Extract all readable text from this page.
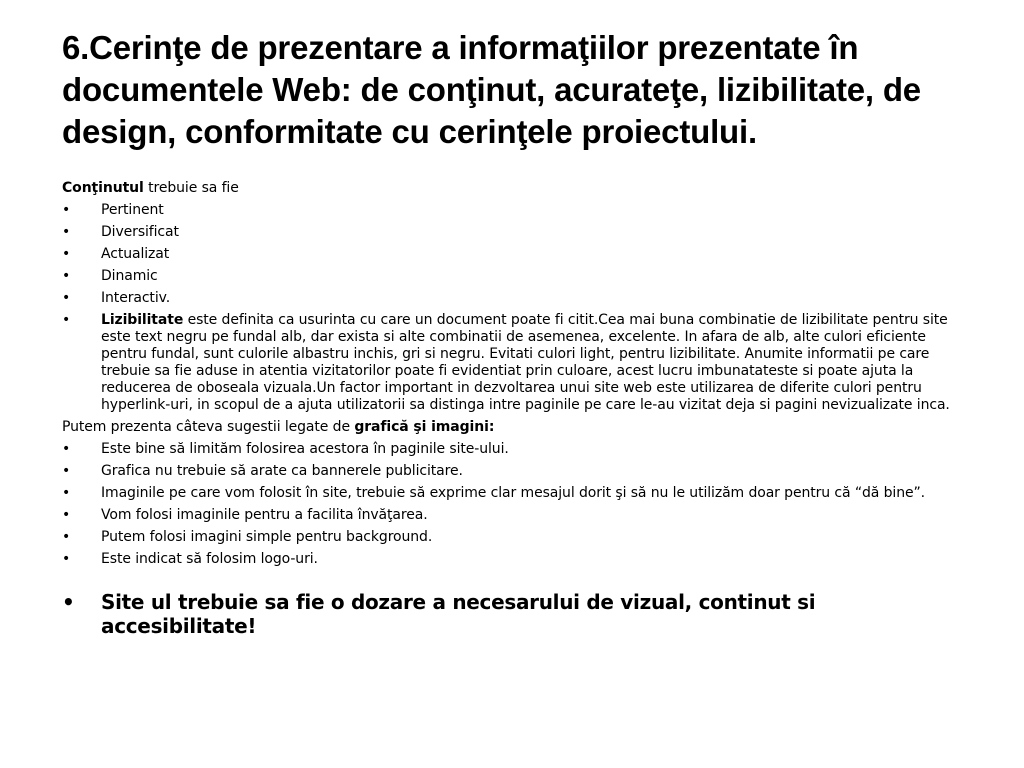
6.Cerinţe de prezentare a informaţiilor prezentate în documentele Web: de conţinut, acurateţe, lizibilitate, de design, conformitate cu cerinţele proiectului.

Conţinutul trebuie sa fie

• Pertinent
• Diversificat
• Actualizat
• Dinamic
• Interactiv.
• Lizibilitate este definita ca usurinta cu care un document poate fi citit.Cea mai buna combinatie de lizibilitate pentru site este text negru pe fundal alb, dar exista si alte combinatii de asemenea, excelente. In afara de alb, alte culori eficiente pentru fundal, sunt culorile albastru inchis, gri si negru. Evitati culori light, pentru lizibilitate. Anumite informatii pe care trebuie sa fie aduse in atentia vizitatorilor poate fi evidentiat prin culoare, acest lucru imbunatateste si poate ajuta la reducerea de oboseala vizuala.Un factor important in dezvoltarea unui site web este utilizarea de diferite culori pentru hyperlink-uri, in scopul de a ajuta utilizatorii sa distinga intre paginile pe care le-au vizitat deja si pagini nevizualizate inca.

Putem prezenta câteva sugestii legate de grafică şi imagini:

• Este bine să limităm folosirea acestora în paginile site-ului.
• Grafica nu trebuie să arate ca bannerele publicitare.
• Imaginile pe care vom folosit în site, trebuie să exprime clar mesajul dorit şi să nu le utilizăm doar pentru că “dă bine”.
• Vom folosi imaginile pentru a facilita învăţarea.
• Putem folosi imagini simple pentru background.
• Este indicat să folosim logo-uri.
• Site ul trebuie sa fie o dozare a necesarului de vizual, continut si accesibilitate!
